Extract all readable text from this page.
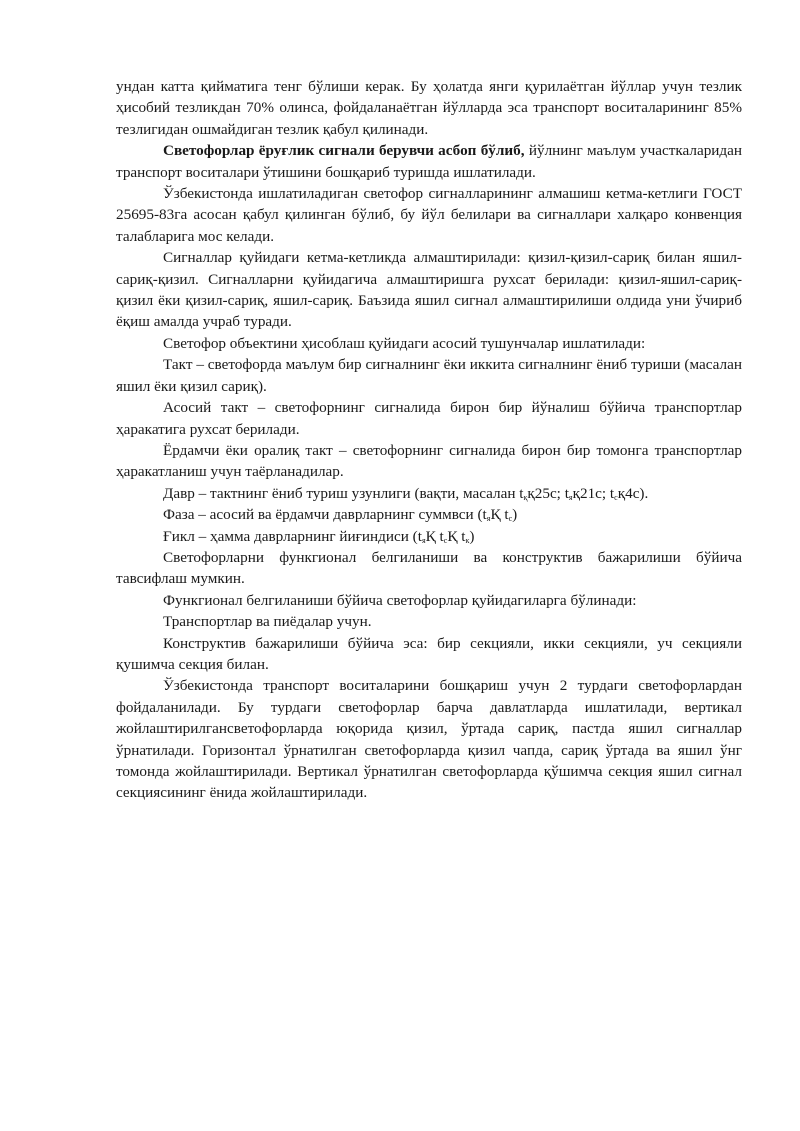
ундан катта қийматига тенг бўлиши керак. Бу ҳолатда янги қурилаётган йўллар учун тезлик ҳисобий тезликдан 70% олинса, фойдаланаётган йўлларда эса транспорт воситаларининг 85% тезлигидан ошмайдиган тезлик қабул қилинади.

Светофорлар ёруғлик сигнали берувчи асбоп бўлиб, йўлнинг маълум участкаларидан транспорт воситалари ўтишини бошқариб туришда ишлатилади.

Ўзбекистонда ишлатиладиган светофор сигналларининг алмашиш кетма-кетлиги ГОСТ 25695-83га асосан қабул қилинган бўлиб, бу йўл белилари ва сигналлари халқаро конвенция талабларига мос келади.

Сигналлар қуйидаги кетма-кетликда алмаштирилади: қизил-қизил-сариқ билан яшил-сариқ-қизил. Сигналларни қуйидагича алмаштиришга рухсат берилади: қизил-яшил-сариқ-қизил ёки қизил-сариқ, яшил-сариқ. Баъзида яшил сигнал алмаштирилиши олдида уни ўчириб ёқиш амалда учраб туради.

Светофор объектини ҳисоблаш қуйидаги асосий тушунчалар ишлатилади:

Такт – светофорда маълум бир сигналнинг ёки иккита сигналнинг ёниб туриши (масалан яшил ёки қизил сариқ).

Асосий такт – светофорнинг сигналида бирон бир йўналиш бўйича транспортлар ҳаракатига рухсат берилади.

Ёрдамчи ёки оралиқ такт – светофорнинг сигналида бирон бир томонга транспортлар ҳаракатланиш учун таёрланадилар.

Давр – тактнинг ёниб туриш узунлиги (вақти, масалан $t_ққ25с$; $t_яқ21с$; $t_сқ4с$).

Фаза – асосий ва ёрдамчи даврларнинг суммвси ($t_яҚ$ $t_с$)

Ғикл – ҳамма даврларнинг йиғиндиси ($t_яҚ$ $t_сҚ$ $t_к$)

Светофорларни функгионал белгиланиши ва конструктив бажарилиши бўйича тавсифлаш мумкин.

Функгионал белгиланиши бўйича светофорлар қуйидагиларга бўлинади:

Транспортлар ва пиёдалар учун.

Конструктив бажарилиши бўйича эса: бир секцияли, икки секцияли, уч секцияли қушимча секция билан.

Ўзбекистонда транспорт воситаларини бошқариш учун 2 турдаги светофорлардан фойдаланилади. Бу турдаги светофорлар барча давлатларда ишлатилади, вертикал жойлаштирилгансветофорларда юқорида қизил, ўртада сариқ, пастда яшил сигналлар ўрнатилади. Горизонтал ўрнатилган светофорларда қизил чапда, сариқ ўртада ва яшил ўнг томонда жойлаштирилади. Вертикал ўрнатилган светофорларда қўшимча секция яшил сигнал секциясининг ёнида жойлаштирилади.
